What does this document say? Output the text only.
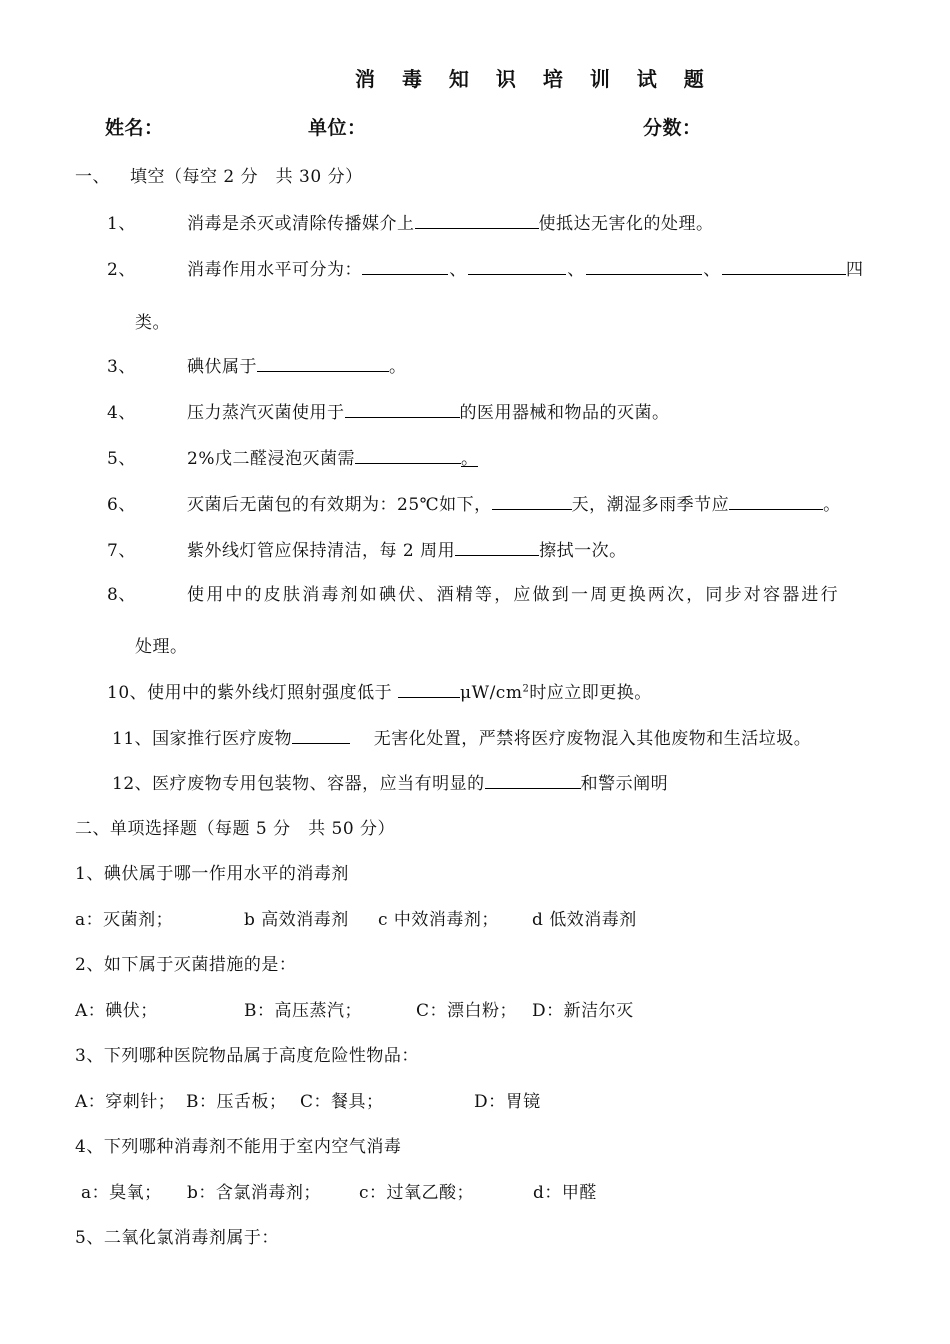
消 毒 知 识 培 训 试 题
姓名：	单位：	分数：
一、 填空（每空 2 分　共 30 分）
1、	消毒是杀灭或清除传播媒介上	使抵达无害化的处理。
2、	消毒作用水平可分为：	、	、	、	四
类。
3、	碘伏属于	。
4、	压力蒸汽灭菌使用于	的医用器械和物品的灭菌。
5、	2%戊二醛浸泡灭菌需	。
6、	灭菌后无菌包的有效期为：25℃如下，	天，潮湿多雨季节应	。
7、	紫外线灯管应保持清洁，每 2 周用	擦拭一次。
8、	使用中的皮肤消毒剂如碘伏、酒精等，应做到一周更换两次，同步对容器进行
处理。
10、使用中的紫外线灯照射强度低于	$\mu W/cm^2$时应立即更换。
11、国家推行医疗废物	无害化处置，严禁将医疗废物混入其他废物和生活垃圾。
12、医疗废物专用包装物、容器，应当有明显的	和警示阐明
二、单项选择题（每题 5 分　共 50 分）
1、碘伏属于哪一作用水平的消毒剂
a：灭菌剂；	b 高效消毒剂 c 中效消毒剂； d 低效消毒剂
2、如下属于灭菌措施的是：
A：碘伏；	B：高压蒸汽；	C：漂白粉； D：新洁尔灭
3、下列哪种医院物品属于高度危险性物品：
A：穿刺针； B：压舌板； C：餐具；	D：胃镜
4、下列哪种消毒剂不能用于室内空气消毒
a：臭氧； b：含氯消毒剂； c：过氧乙酸；	d：甲醛
5、二氧化氯消毒剂属于：
